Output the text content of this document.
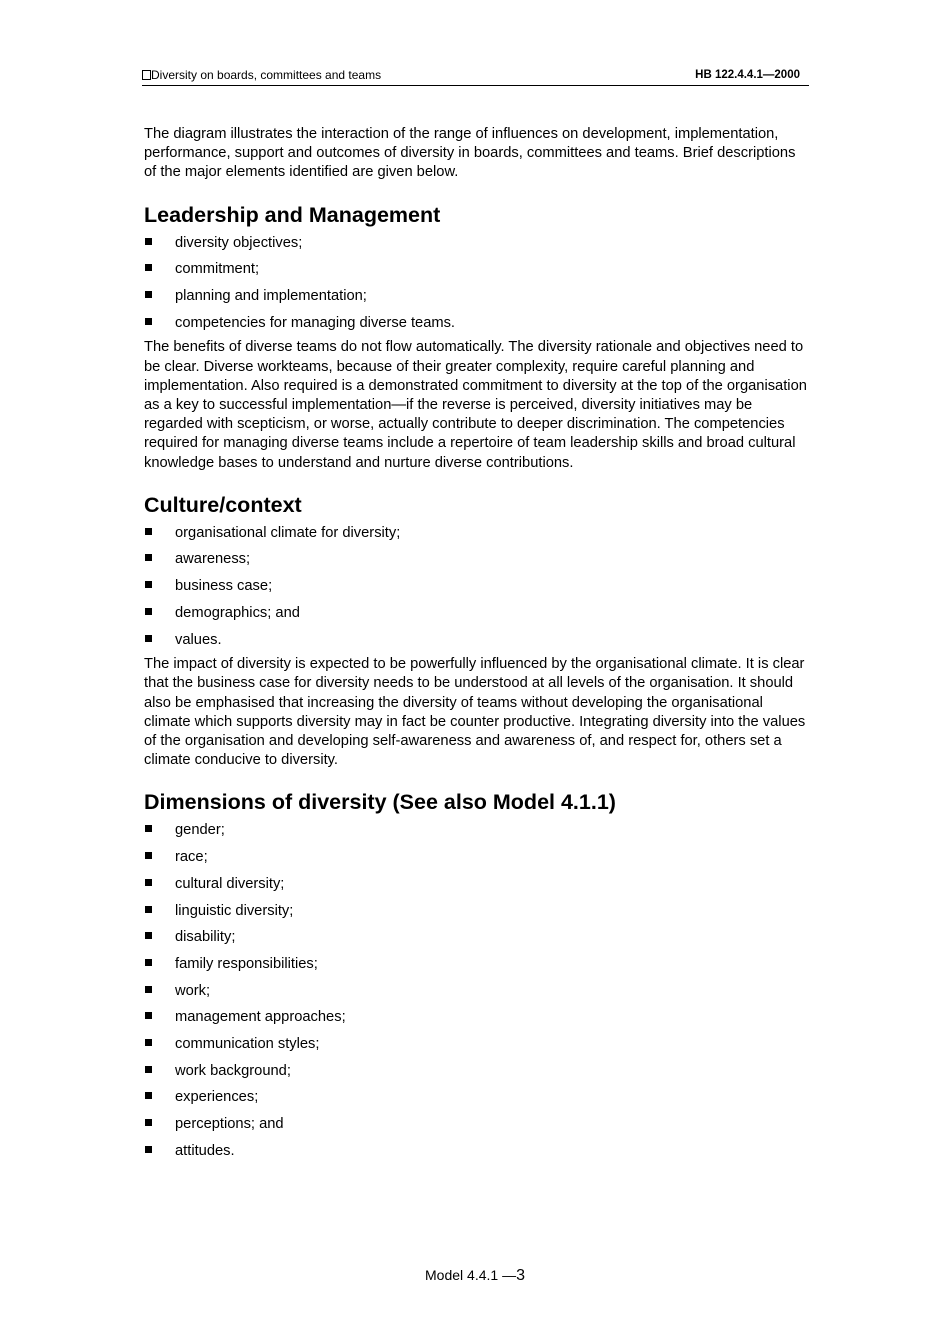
Diversity on boards, committees and teams	HB 122.4.4.1—2000

The diagram illustrates the interaction of the range of influences on development, implementation, performance, support and outcomes of diversity in boards, committees and teams. Brief descriptions of the major elements identified are given below.

Leadership and Management
diversity objectives;
commitment;
planning and implementation;
competencies for managing diverse teams.

The benefits of diverse teams do not flow automatically. The diversity rationale and objectives need to be clear. Diverse workteams, because of their greater complexity, require careful planning and implementation. Also required is a demonstrated commitment to diversity at the top of the organisation as a key to successful implementation—if the reverse is perceived, diversity initiatives may be regarded with scepticism, or worse, actually contribute to deeper discrimination. The competencies required for managing diverse teams include a repertoire of team leadership skills and broad cultural knowledge bases to understand and nurture diverse contributions.

Culture/context
organisational climate for diversity;
awareness;
business case;
demographics; and
values.

The impact of diversity is expected to be powerfully influenced by the organisational climate. It is clear that the business case for diversity needs to be understood at all levels of the organisation. It should also be emphasised that increasing the diversity of teams without developing the organisational climate which supports diversity may in fact be counter productive. Integrating diversity into the values of the organisation and developing self-awareness and awareness of, and respect for, others set a climate conducive to diversity.

Dimensions of diversity (See also Model 4.1.1)
gender;
race;
cultural diversity;
linguistic diversity;
disability;
family responsibilities;
work;
management approaches;
communication styles;
work background;
experiences;
perceptions; and
attitudes.
Model 4.4.1 —3
